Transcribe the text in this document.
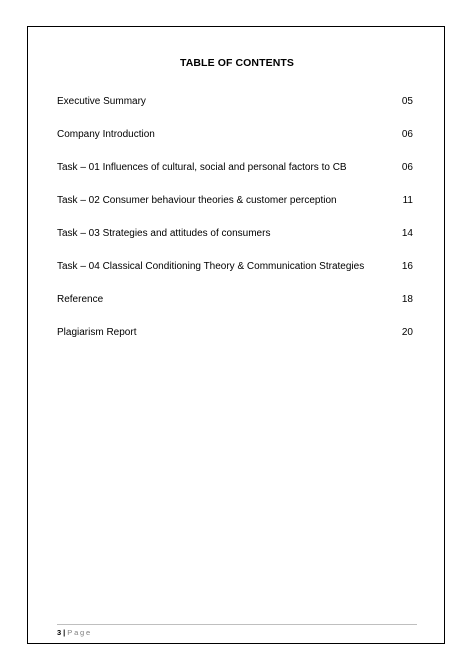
TABLE OF CONTENTS
Executive Summary	05
Company Introduction	06
Task – 01 Influences of cultural, social and personal factors to CB	06
Task – 02 Consumer behaviour theories & customer perception	11
Task – 03 Strategies and attitudes of consumers	14
Task – 04 Classical Conditioning Theory & Communication Strategies	16
Reference	18
Plagiarism Report	20
3 | Page
